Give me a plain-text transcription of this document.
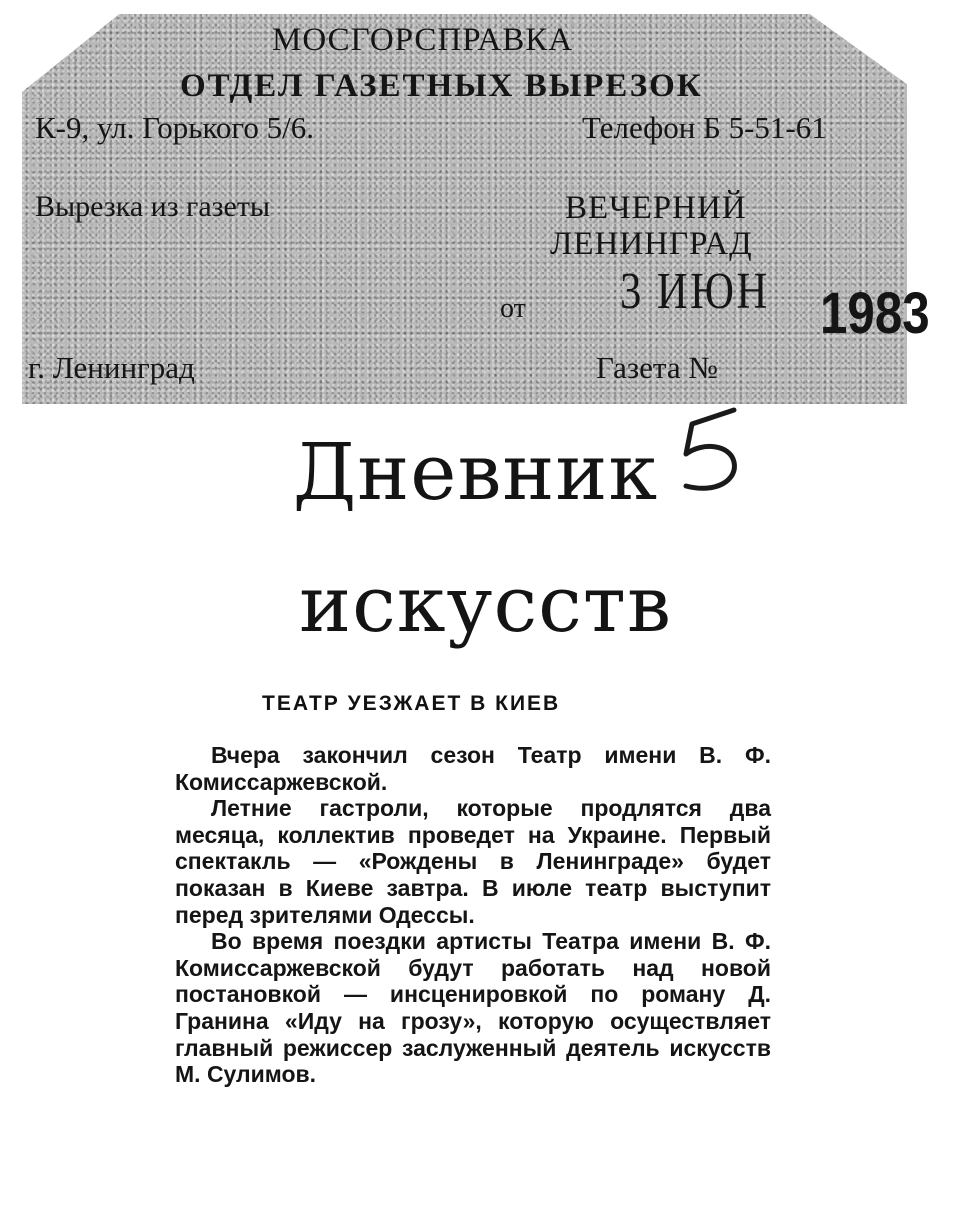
МОСГОРСПРАВКА
ОТДЕЛ ГАЗЕТНЫХ ВЫРЕЗОК
К-9, ул. Горького 5/6.	Телефон Б 5-51-61
Вырезка из газеты	ВЕЧЕРНИЙ
ЛЕНИНГРАД
от 3 ИЮН 1983
г. Ленинград	Газета №
Дневник
искусств
ТЕАТР УЕЗЖАЕТ В КИЕВ

Вчера закончил сезон Театр имени В. Ф. Комиссаржевской.

Летние гастроли, которые продлятся два месяца, коллектив проведет на Украине. Первый спектакль — «Рождены в Ленинграде» будет показан в Киеве завтра. В июле театр выступит перед зрителями Одессы.

Во время поездки артисты Театра имени В. Ф. Комиссаржевской будут работать над новой постановкой — инсценировкой по роману Д. Гранина «Иду на грозу», которую осуществляет главный режиссер заслуженный деятель искусств М. Сулимов.
